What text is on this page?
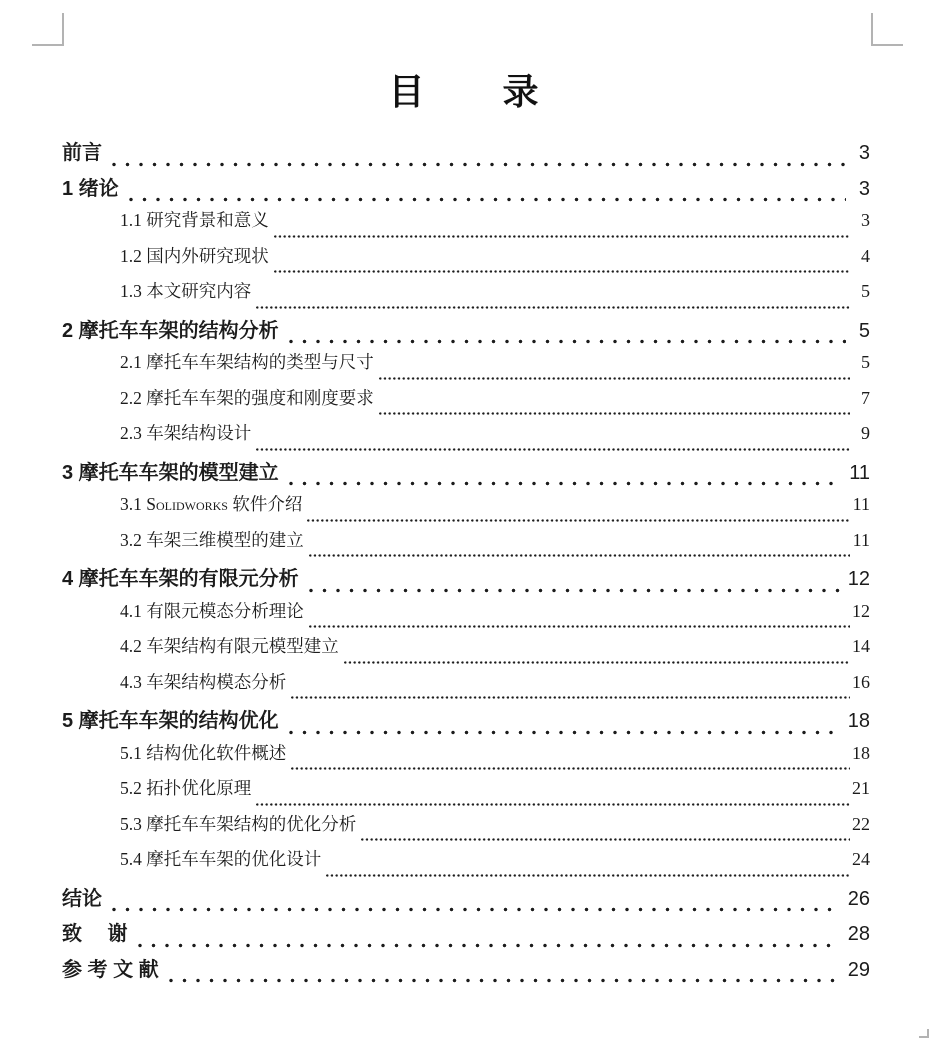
目　　录
前言	3
1 绪论	3
1.1 研究背景和意义	3
1.2 国内外研究现状	4
1.3 本文研究内容	5
2 摩托车车架的结构分析	5
2.1 摩托车车架结构的类型与尺寸	5
2.2 摩托车车架的强度和刚度要求	7
2.3 车架结构设计	9
3 摩托车车架的模型建立	11
3.1 Solidworks 软件介绍	11
3.2 车架三维模型的建立	11
4 摩托车车架的有限元分析	12
4.1 有限元模态分析理论	12
4.2 车架结构有限元模型建立	14
4.3 车架结构模态分析	16
5 摩托车车架的结构优化	18
5.1 结构优化软件概述	18
5.2 拓扑优化原理	21
5.3 摩托车车架结构的优化分析	22
5.4 摩托车车架的优化设计	24
结论	26
致　 谢	28
参 考 文 献	29
